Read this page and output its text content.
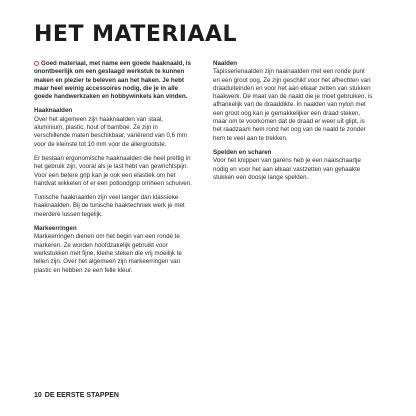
HET MATERIAAL

Goed materiaal, met name een goede haaknaald, is onontbeerlijk om een geslaagd werkstuk te kunnen maken en plezier te beleven aan het haken. Je hebt maar heel weinig accessoires nodig, die je in alle goede handwerkzaken en hobbywinkels kan vinden.

Haaknaalden

Over het algemeen zijn haaknaalden van staal, aluminium, plastic, hout of bamboe. Ze zijn in verschillende maten beschikbaar, variërend van 0,6 mm voor de kleinste tot 10 mm voor de allergrootste.

Er bestaan ergonomische haaknaalden die heel prettig in het gebruik zijn, vooral als je last hebt van gewrichtspijn. Voor een betere grip kan je ook een elastiek om het handvat wikkelen of er een potloodgrip omheen schuiven.

Tunische haaknaalden zijn veel langer dan klassieke haaknaalden. Bij de tunische haaktechniek werk je met meerdere lussen tegelijk.

Markeerringen

Markeerringen dienen om het begin van een ronde te markeren. Ze worden hoofdzakelijk gebruikt voor werkstukken met fijne, kleine steken die vrij moeilijk te tellen zijn. Over het algemeen zijn markeerringen van plastic en hebben ze een felle kleur.

Naalden

Tapisserienaalden zijn naainaalden met een ronde punt en een groot oog. Ze zijn geschikt voor het afhechten van draaduiteinden en voor het aan elkaar zetten van stukken haakwerk. De maat van de naald die je moet gebruiken, is afhankelijk van de draaddikte. In naalden van nylon met een groot oog kan je gemakkelijker een draad steken, maar om te voorkomen dat de draad er weer uit glipt, is het raadzaam hem rond het oog van de naald te zonder hem te veel aan te trekken.

Spelden en scharen

Voor het knippen van garens heb je een naaischaartje nodig en voor het aan elkaar vastzetten van gehaakte stukken een doosje lange spelden.

10 DE EERSTE STAPPEN
